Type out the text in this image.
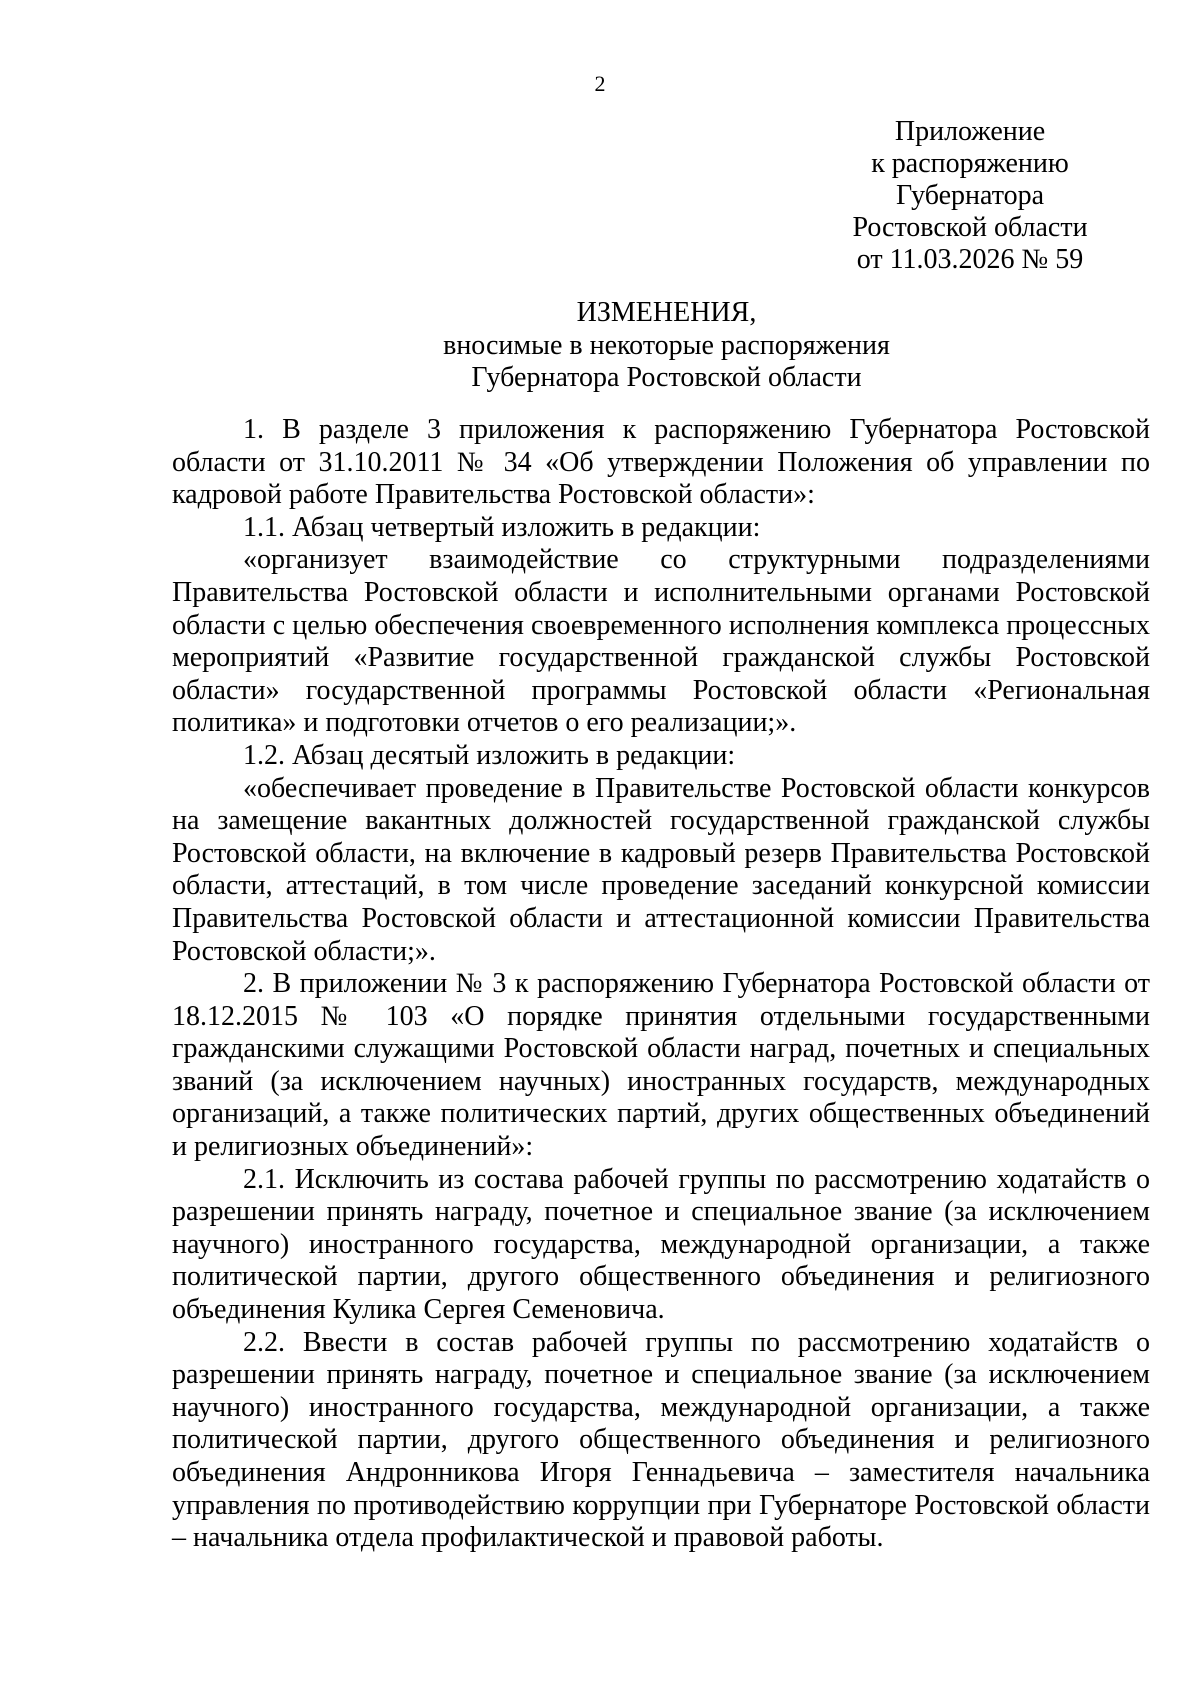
2
Приложение
к распоряжению
Губернатора
Ростовской области
от 11.03.2026 № 59
ИЗМЕНЕНИЯ,
вносимые в некоторые распоряжения
Губернатора Ростовской области

1. В разделе 3 приложения к распоряжению Губернатора Ростовской области от 31.10.2011 № 34 «Об утверждении Положения об управлении по кадровой работе Правительства Ростовской области»:

1.1. Абзац четвертый изложить в редакции:

«организует взаимодействие со структурными подразделениями Правительства Ростовской области и исполнительными органами Ростовской области с целью обеспечения своевременного исполнения комплекса процессных мероприятий «Развитие государственной гражданской службы Ростовской области» государственной программы Ростовской области «Региональная политика» и подготовки отчетов о его реализации;».

1.2. Абзац десятый изложить в редакции:

«обеспечивает проведение в Правительстве Ростовской области конкурсов на замещение вакантных должностей государственной гражданской службы Ростовской области, на включение в кадровый резерв Правительства Ростовской области, аттестаций, в том числе проведение заседаний конкурсной комиссии Правительства Ростовской области и аттестационной комиссии Правительства Ростовской области;».

2. В приложении № 3 к распоряжению Губернатора Ростовской области от 18.12.2015 № 103 «О порядке принятия отдельными государственными гражданскими служащими Ростовской области наград, почетных и специальных званий (за исключением научных) иностранных государств, международных организаций, а также политических партий, других общественных объединений и религиозных объединений»:

2.1. Исключить из состава рабочей группы по рассмотрению ходатайств о разрешении принять награду, почетное и специальное звание (за исключением научного) иностранного государства, международной организации, а также политической партии, другого общественного объединения и религиозного объединения Кулика Сергея Семеновича.

2.2. Ввести в состав рабочей группы по рассмотрению ходатайств о разрешении принять награду, почетное и специальное звание (за исключением научного) иностранного государства, международной организации, а также политической партии, другого общественного объединения и религиозного объединения Андронникова Игоря Геннадьевича – заместителя начальника управления по противодействию коррупции при Губернаторе Ростовской области – начальника отдела профилактической и правовой работы.
